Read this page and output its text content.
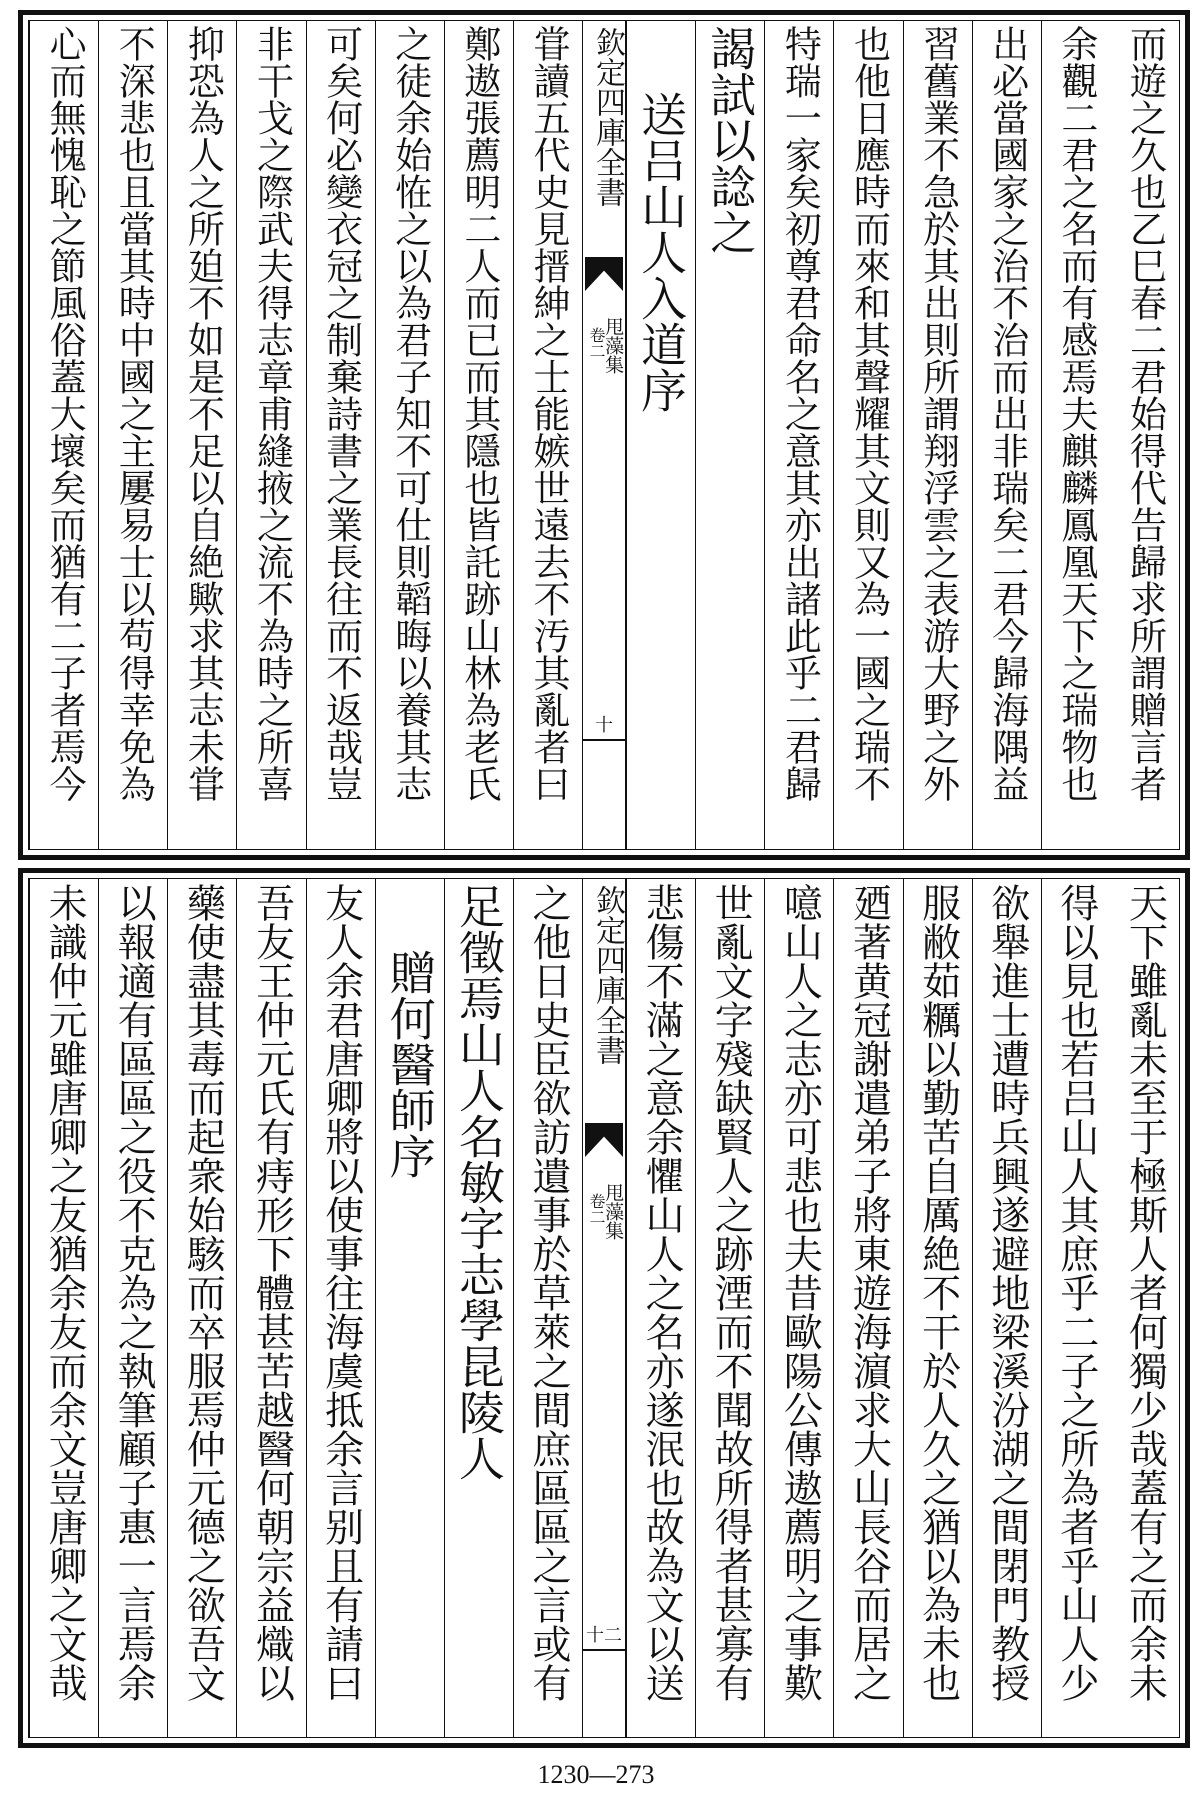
而遊之久也乙巳春二君始得代告歸求所謂贈言者
余觀二君之名而有感焉夫麒麟鳳凰天下之瑞物也
出必當國家之治不治而出非瑞矣二君今歸海隅益
習舊業不急於其出則所謂翔浮雲之表游大野之外
也他日應時而來和其聲耀其文則又為一國之瑞不
特瑞一家矣初尊君命名之意其亦出諸此乎二君歸
謁試以諗之
送吕山人入道序
欽定四庫全書
甩藻集
卷二
十
甞讀五代史見搢紳之士能嫉世遠去不汚其亂者曰
鄭遨張薦明二人而已而其隱也皆託跡山林為老氏
之徒余始恠之以為君子知不可仕則韜晦以養其志
可矣何必變衣冠之制棄詩書之業長往而不返哉豈
非干戈之際武夫得志章甫縫掖之流不為時之所喜
抑恐為人之所廹不如是不足以自絶歟求其志未甞
不深悲也且當其時中國之主屢易士以苟得幸免為
心而無愧恥之節風俗蓋大壞矣而猶有二子者焉今
天下雖亂未至于極斯人者何獨少哉蓋有之而余未
得以見也若吕山人其庶乎二子之所為者乎山人少
欲舉進士遭時兵興遂避地梁溪汾湖之間閉門教授
服敝茹糲以勤苦自厲絶不干於人久之猶以為未也
廼著黄冠謝遣弟子將東遊海濵求大山長谷而居之
噫山人之志亦可悲也夫昔歐陽公傳遨薦明之事歎
世亂文字殘缺賢人之跡湮而不聞故所得者甚寡有
悲傷不滿之意余懼山人之名亦遂泯也故為文以送
欽定四庫全書
甩藻集
卷二
十二
之他日史臣欲訪遺事於草萊之間庶區區之言或有
足徵焉山人名敏字志學昆陵人
贈何醫師序
友人余君唐卿將以使事往海虞抵余言别且有請曰
吾友王仲元氏有痔形下體甚苦越醫何朝宗益熾以
藥使盡其毒而起衆始駭而卒服焉仲元德之欲吾文
以報適有區區之役不克為之執筆顧子惠一言焉余
未識仲元雖唐卿之友猶余友而余文豈唐卿之文哉
1230—273
